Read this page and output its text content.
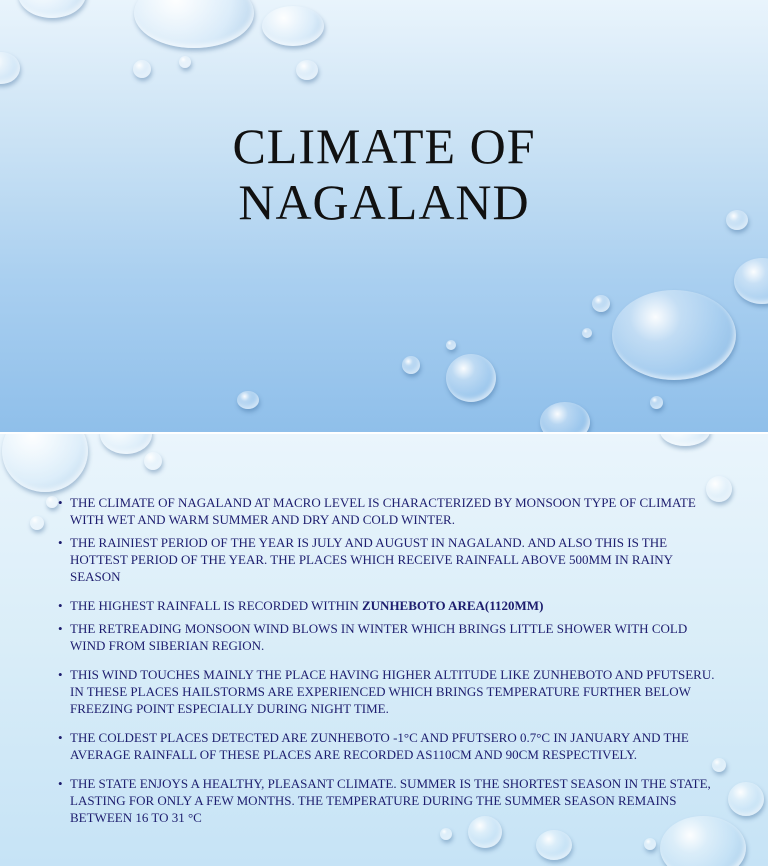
CLIMATE OF
NAGALAND
• THE CLIMATE OF NAGALAND AT MACRO LEVEL IS CHARACTERIZED BY MONSOON TYPE OF CLIMATE WITH WET AND WARM SUMMER AND DRY AND COLD WINTER.
• THE RAINIEST PERIOD OF THE YEAR IS JULY AND AUGUST IN NAGALAND. AND ALSO THIS IS THE HOTTEST PERIOD OF THE YEAR. THE PLACES WHICH RECEIVE RAINFALL ABOVE 500MM IN RAINY SEASON
• THE HIGHEST RAINFALL IS RECORDED WITHIN ZUNHEBOTO AREA(1120MM)
• THE RETREADING MONSOON WIND BLOWS IN WINTER WHICH BRINGS LITTLE SHOWER WITH COLD WIND FROM SIBERIAN REGION.
• THIS WIND TOUCHES MAINLY THE PLACE HAVING HIGHER ALTITUDE LIKE ZUNHEBOTO AND PFUTSERU. IN THESE PLACES HAILSTORMS ARE EXPERIENCED WHICH BRINGS TEMPERATURE FURTHER BELOW FREEZING POINT ESPECIALLY DURING NIGHT TIME.
• THE COLDEST PLACES DETECTED ARE ZUNHEBOTO -1°C AND PFUTSERO 0.7°C IN JANUARY AND THE AVERAGE RAINFALL OF THESE PLACES ARE RECORDED AS110CM AND 90CM RESPECTIVELY.
• THE STATE ENJOYS A HEALTHY, PLEASANT CLIMATE. SUMMER IS THE SHORTEST SEASON IN THE STATE, LASTING FOR ONLY A FEW MONTHS. THE TEMPERATURE DURING THE SUMMER SEASON REMAINS BETWEEN 16 TO 31 °C
